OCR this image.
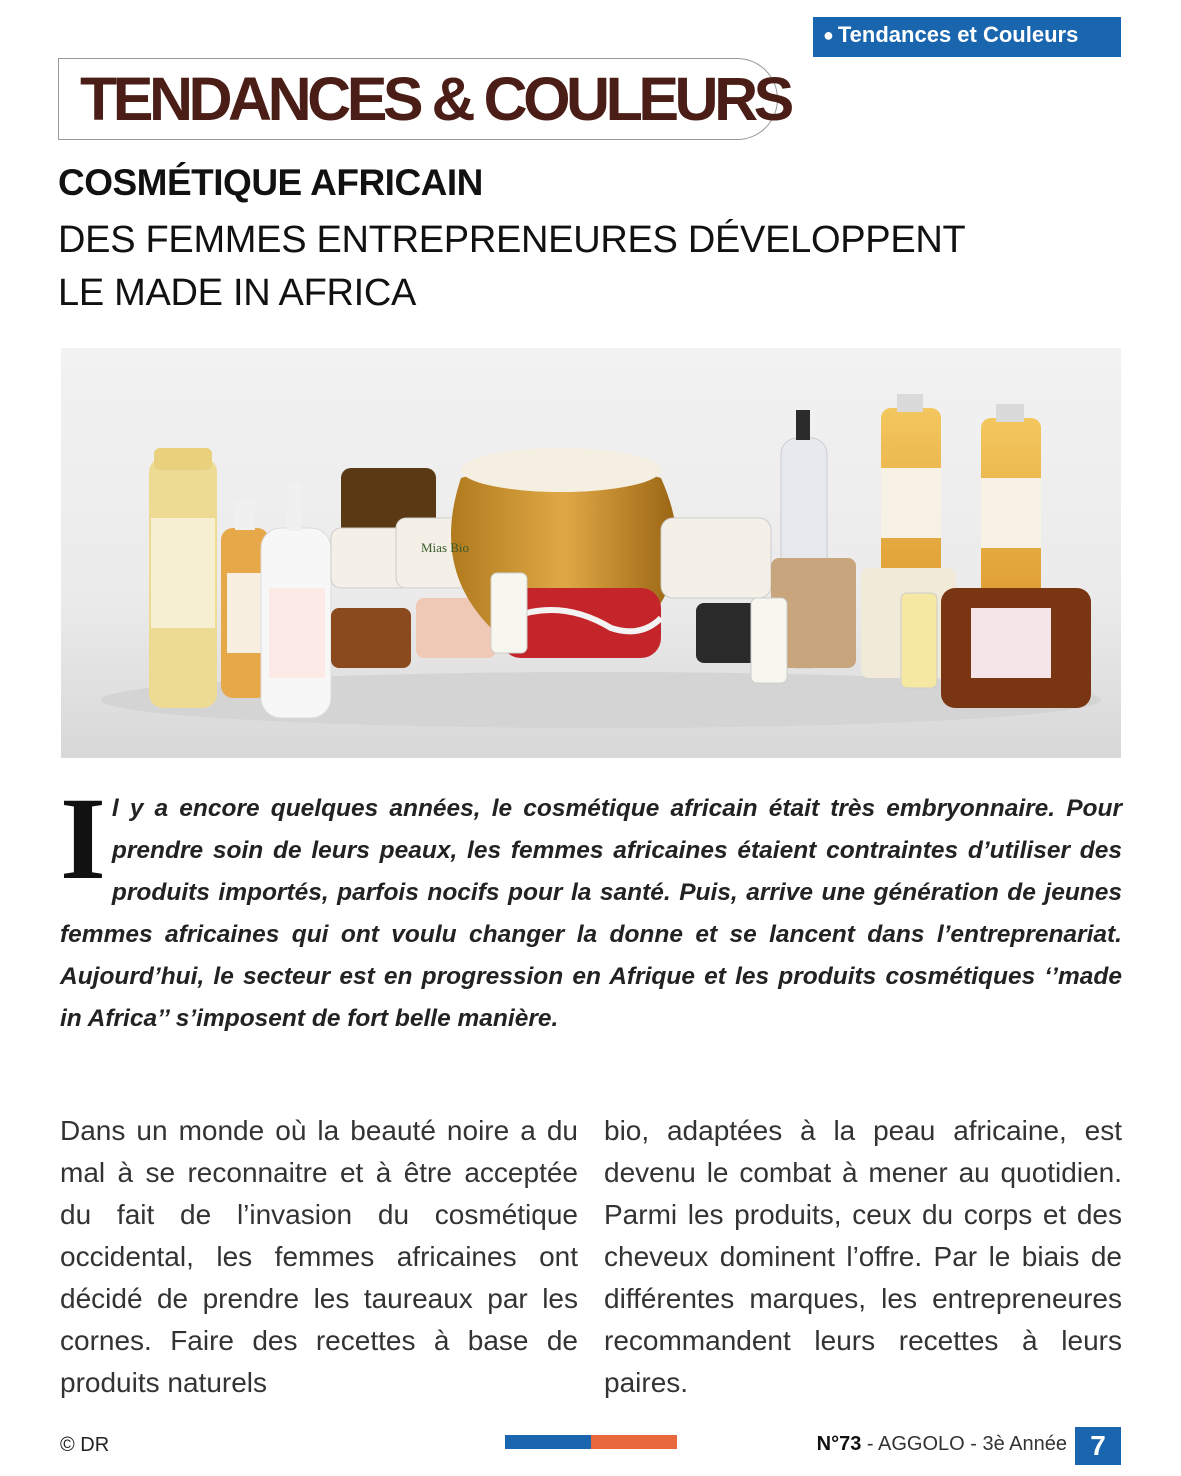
● Tendances et Couleurs
TENDANCES & COULEURS
COSMÉTIQUE AFRICAIN
DES FEMMES ENTREPRENEURES DÉVELOPPENT
LE MADE IN AFRICA
Mias Bio
Il y a encore quelques années, le cosmétique africain était très embryonnaire. Pour prendre soin de leurs peaux, les femmes africaines étaient contraintes d’utiliser des produits importés, parfois nocifs pour la santé. Puis, arrive une génération de jeunes femmes africaines qui ont voulu changer la donne et se lancent dans l’entreprenariat. Aujourd’hui, le secteur est en progression en Afrique et les produits cosmétiques ‘’made in Africa’’ s’imposent de fort belle manière.
Dans un monde où la beauté noire a du mal à se reconnaitre et à être acceptée du fait de l’invasion du cosmétique occidental, les femmes africaines ont décidé de prendre les taureaux par les cornes. Faire des recettes à base de produits naturels
bio, adaptées à la peau africaine, est devenu le combat à mener au quotidien. Parmi les produits, ceux du corps et des cheveux dominent l’offre. Par le biais de différentes marques, les entrepreneures recommandent leurs recettes à leurs paires.
© DR	N°73 - AGGOLO - 3è Année 7
